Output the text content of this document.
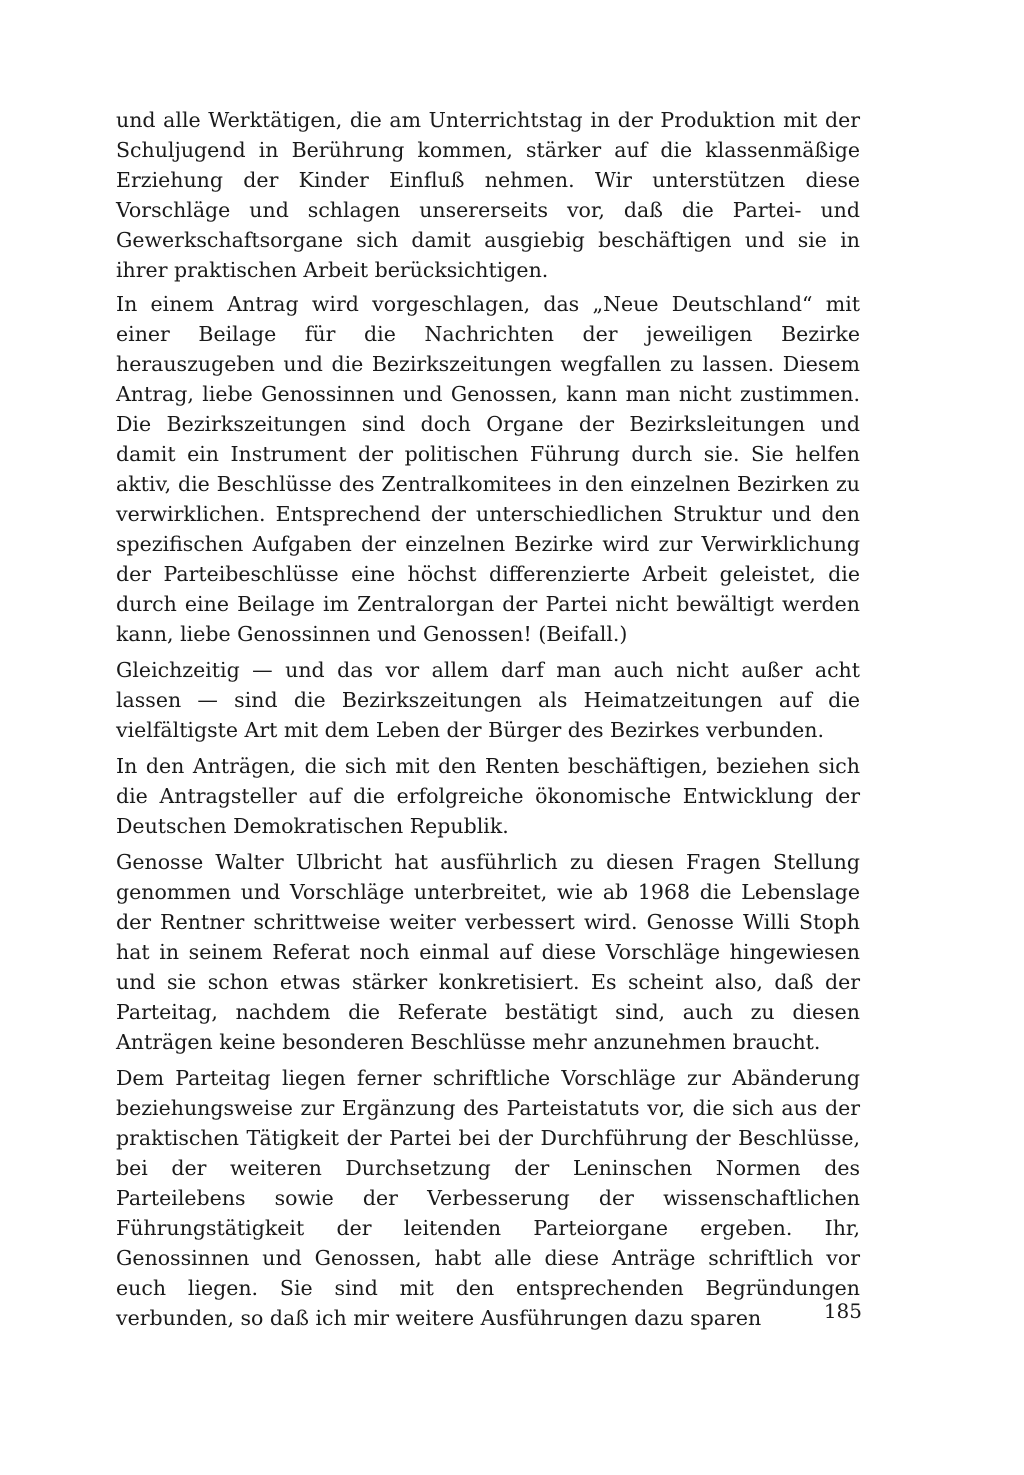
und alle Werktätigen, die am Unterrichtstag in der Produktion mit der Schuljugend in Berührung kommen, stärker auf die klassenmäßige Erziehung der Kinder Einfluß nehmen. Wir unterstützen diese Vorschläge und schlagen unsererseits vor, daß die Partei- und Gewerkschaftsorgane sich damit ausgiebig beschäftigen und sie in ihrer praktischen Arbeit berücksichtigen.

In einem Antrag wird vorgeschlagen, das „Neue Deutschland“ mit einer Beilage für die Nachrichten der jeweiligen Bezirke herauszugeben und die Bezirkszeitungen wegfallen zu lassen. Diesem Antrag, liebe Genossinnen und Genossen, kann man nicht zustimmen. Die Bezirkszeitungen sind doch Organe der Bezirksleitungen und damit ein Instrument der politischen Führung durch sie. Sie helfen aktiv, die Beschlüsse des Zentralkomitees in den einzelnen Bezirken zu verwirklichen. Entsprechend der unterschiedlichen Struktur und den spezifischen Aufgaben der einzelnen Bezirke wird zur Verwirklichung der Parteibeschlüsse eine höchst differenzierte Arbeit geleistet, die durch eine Beilage im Zentralorgan der Partei nicht bewältigt werden kann, liebe Genossinnen und Genossen! (Beifall.)

Gleichzeitig — und das vor allem darf man auch nicht außer acht lassen — sind die Bezirkszeitungen als Heimatzeitungen auf die vielfältigste Art mit dem Leben der Bürger des Bezirkes verbunden.

In den Anträgen, die sich mit den Renten beschäftigen, beziehen sich die Antragsteller auf die erfolgreiche ökonomische Entwicklung der Deutschen Demokratischen Republik.

Genosse Walter Ulbricht hat ausführlich zu diesen Fragen Stellung genommen und Vorschläge unterbreitet, wie ab 1968 die Lebenslage der Rentner schrittweise weiter verbessert wird. Genosse Willi Stoph hat in seinem Referat noch einmal auf diese Vorschläge hingewiesen und sie schon etwas stärker konkretisiert. Es scheint also, daß der Parteitag, nachdem die Referate bestätigt sind, auch zu diesen Anträgen keine besonderen Beschlüsse mehr anzunehmen braucht.

Dem Parteitag liegen ferner schriftliche Vorschläge zur Abänderung beziehungsweise zur Ergänzung des Parteistatuts vor, die sich aus der praktischen Tätigkeit der Partei bei der Durchführung der Beschlüsse, bei der weiteren Durchsetzung der Leninschen Normen des Parteilebens sowie der Verbesserung der wissenschaftlichen Führungstätigkeit der leitenden Parteiorgane ergeben. Ihr, Genossinnen und Genossen, habt alle diese Anträge schriftlich vor euch liegen. Sie sind mit den entsprechenden Begründungen verbunden, so daß ich mir weitere Ausführungen dazu sparen	185
